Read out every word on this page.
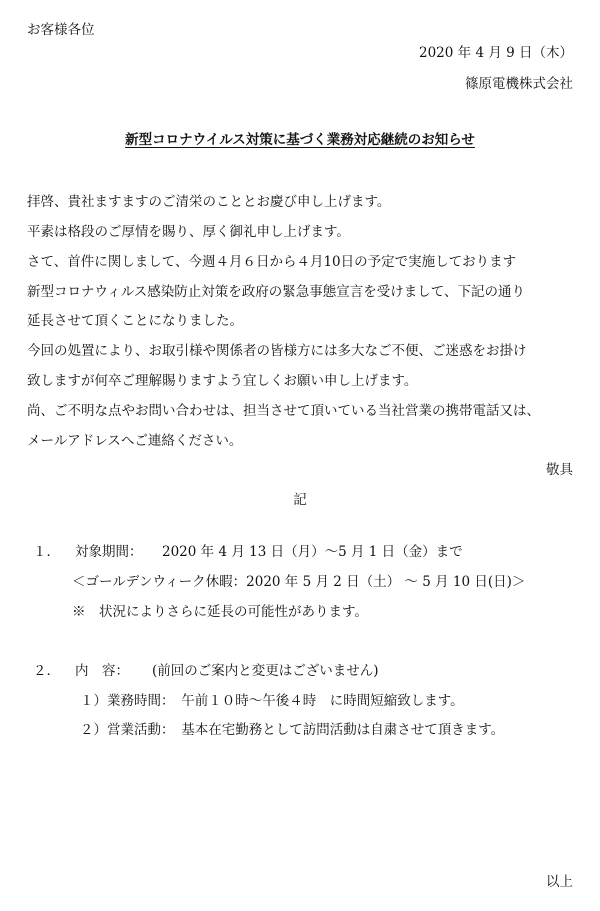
お客様各位
2020 年 4 月 9 日（木）
篠原電機株式会社
新型コロナウイルス対策に基づく業務対応継続のお知らせ
拝啓、貴社ますますのご清栄のこととお慶び申し上げます。
平素は格段のご厚情を賜り、厚く御礼申し上げます。
さて、首件に関しまして、今週４月６日から４月10日の予定で実施しております
新型コロナウィルス感染防止対策を政府の緊急事態宣言を受けまして、下記の通り
延長させて頂くことになりました。
今回の処置により、お取引様や関係者の皆様方には多大なご不便、ご迷惑をお掛け
致しますが何卒ご理解賜りますよう宜しくお願い申し上げます。
尚、ご不明な点やお問い合わせは、担当させて頂いている当社営業の携帯電話又は、
メールアドレスへご連絡ください。
敬具
記
１． 対象期間： 2020 年 4 月 13 日（月）～5 月 1 日（金）まで
＜ゴールデンウィーク休暇：2020 年 5 月 2 日（土） ～ 5 月 10 日(日)＞
※　状況によりさらに延長の可能性があります。
２． 内　容： (前回のご案内と変更はございません)
１）業務時間：　午前１０時～午後４時　に時間短縮致します。
２）営業活動：　基本在宅勤務として訪問活動は自粛させて頂きます。
以上
